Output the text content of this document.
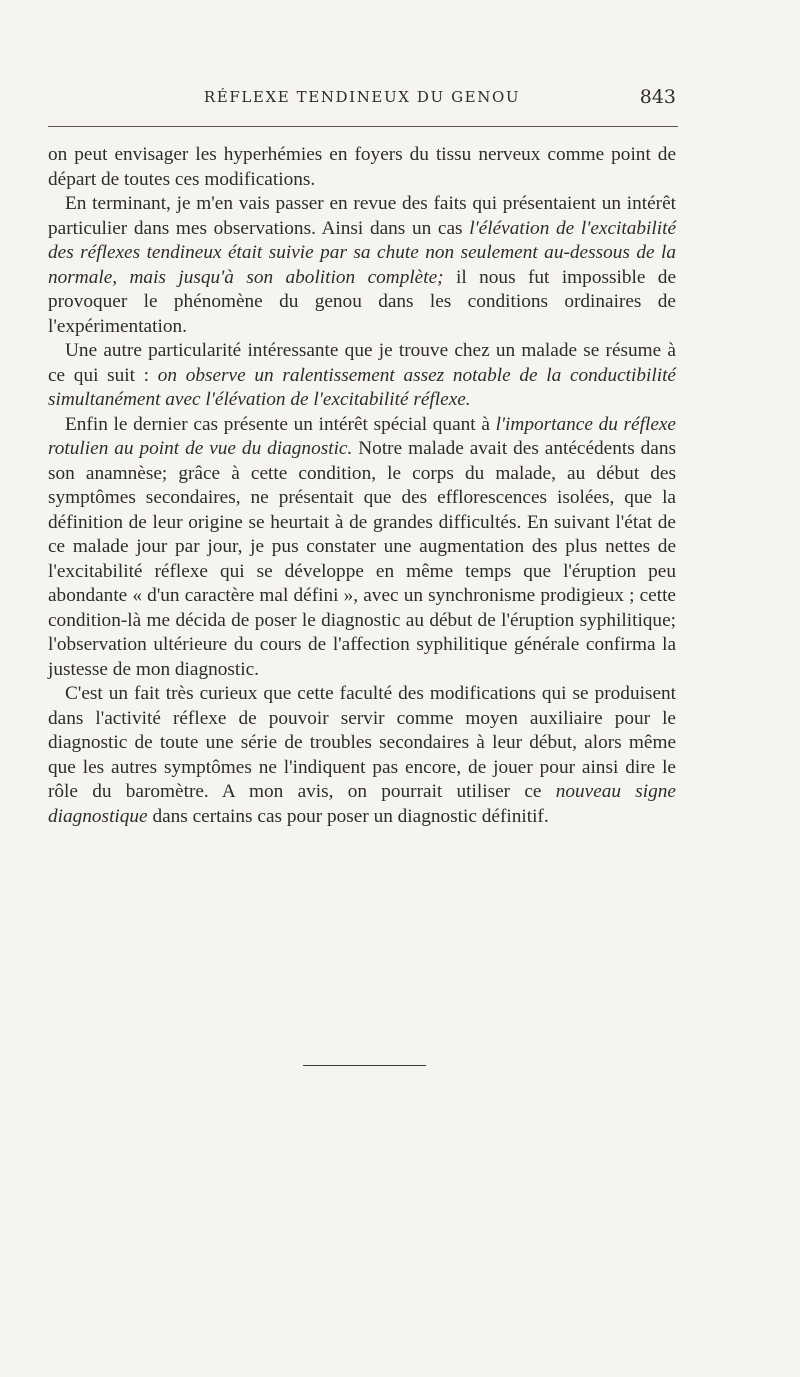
RÉFLEXE TENDINEUX DU GENOU	843

on peut envisager les hyperhémies en foyers du tissu nerveux comme point de départ de toutes ces modifications.

En terminant, je m'en vais passer en revue des faits qui présentaient un intérêt particulier dans mes observations. Ainsi dans un cas l'élévation de l'excitabilité des réflexes tendineux était suivie par sa chute non seulement au-dessous de la normale, mais jusqu'à son abolition complète; il nous fut impossible de provoquer le phénomène du genou dans les conditions ordinaires de l'expérimentation.

Une autre particularité intéressante que je trouve chez un malade se résume à ce qui suit : on observe un ralentissement assez notable de la conductibilité simultanément avec l'élévation de l'excitabilité réflexe.

Enfin le dernier cas présente un intérêt spécial quant à l'importance du réflexe rotulien au point de vue du diagnostic. Notre malade avait des antécédents dans son anamnèse; grâce à cette condition, le corps du malade, au début des symptômes secondaires, ne présentait que des efflorescences isolées, que la définition de leur origine se heurtait à de grandes difficultés. En suivant l'état de ce malade jour par jour, je pus constater une augmentation des plus nettes de l'excitabilité réflexe qui se développe en même temps que l'éruption peu abondante « d'un caractère mal défini », avec un synchronisme prodigieux ; cette condition-là me décida de poser le diagnostic au début de l'éruption syphilitique; l'observation ultérieure du cours de l'affection syphilitique générale confirma la justesse de mon diagnostic.

C'est un fait très curieux que cette faculté des modifications qui se produisent dans l'activité réflexe de pouvoir servir comme moyen auxiliaire pour le diagnostic de toute une série de troubles secondaires à leur début, alors même que les autres symptômes ne l'indiquent pas encore, de jouer pour ainsi dire le rôle du baromètre. A mon avis, on pourrait utiliser ce nouveau signe diagnostique dans certains cas pour poser un diagnostic définitif.
